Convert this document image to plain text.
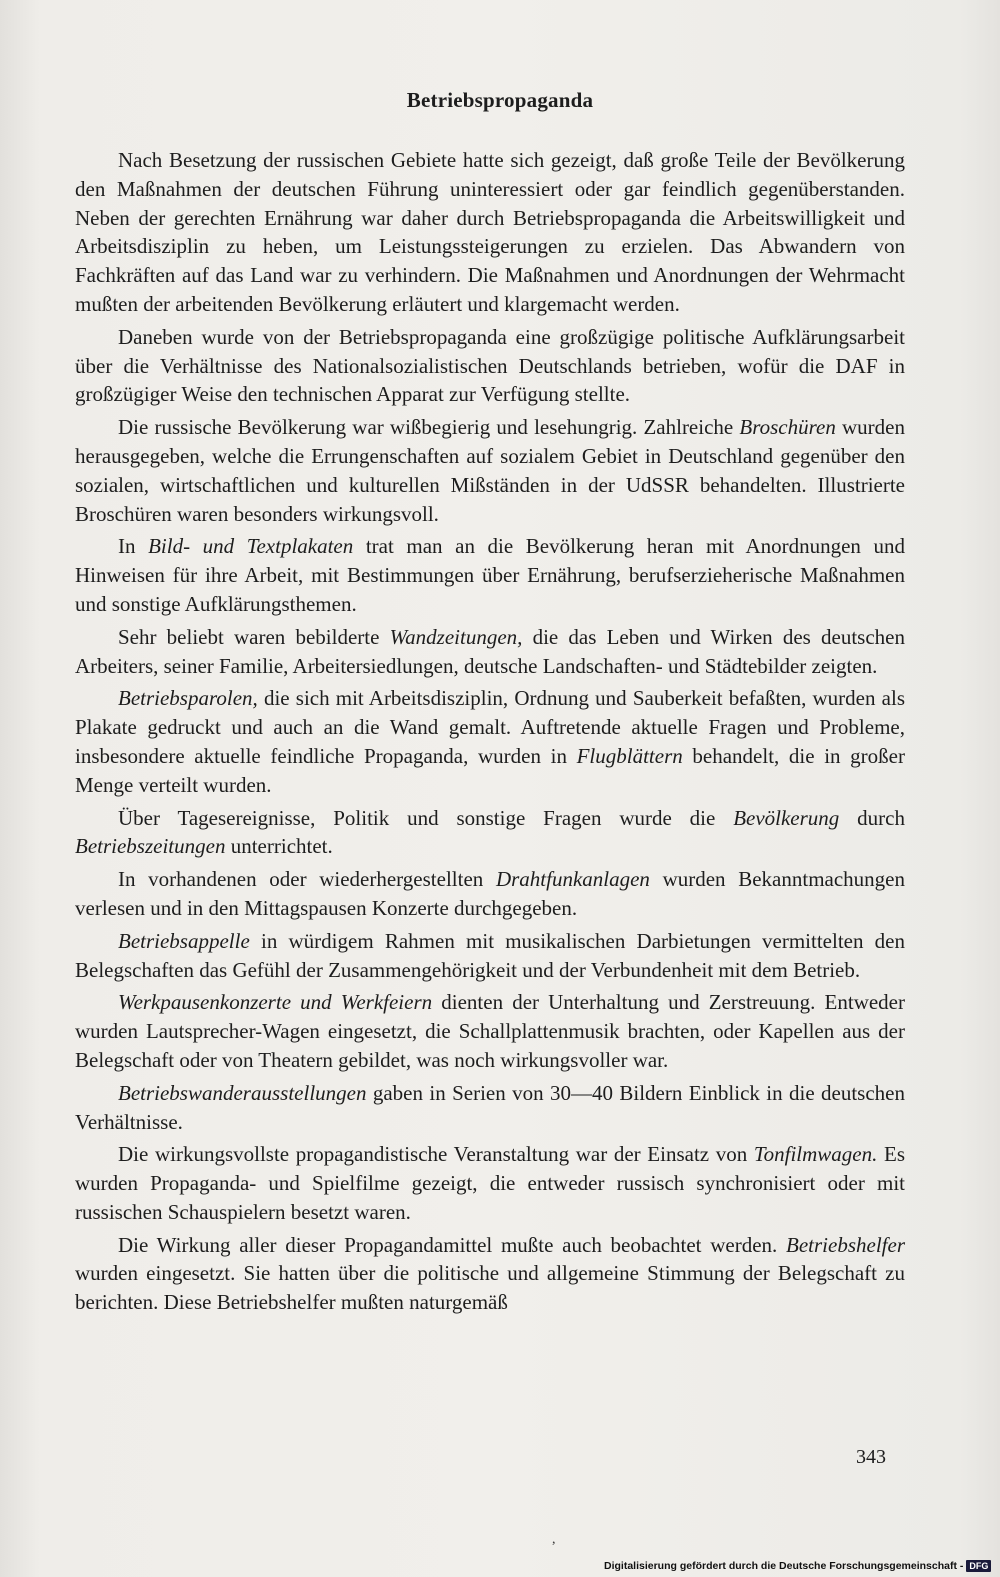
Betriebspropaganda

Nach Besetzung der russischen Gebiete hatte sich gezeigt, daß große Teile der Bevölkerung den Maßnahmen der deutschen Führung uninteressiert oder gar feindlich gegenüberstanden. Neben der gerechten Ernährung war daher durch Betriebspropaganda die Arbeitswilligkeit und Arbeitsdisziplin zu heben, um Leistungssteigerungen zu erzielen. Das Abwandern von Fachkräften auf das Land war zu verhindern. Die Maßnahmen und Anordnungen der Wehrmacht mußten der arbeitenden Bevölkerung erläutert und klargemacht werden.

Daneben wurde von der Betriebspropaganda eine großzügige politische Aufklärungsarbeit über die Verhältnisse des Nationalsozialistischen Deutschlands betrieben, wofür die DAF in großzügiger Weise den technischen Apparat zur Verfügung stellte.

Die russische Bevölkerung war wißbegierig und lesehungrig. Zahlreiche Broschüren wurden herausgegeben, welche die Errungenschaften auf sozialem Gebiet in Deutschland gegenüber den sozialen, wirtschaftlichen und kulturellen Mißständen in der UdSSR behandelten. Illustrierte Broschüren waren besonders wirkungsvoll.

In Bild- und Textplakaten trat man an die Bevölkerung heran mit Anordnungen und Hinweisen für ihre Arbeit, mit Bestimmungen über Ernährung, berufserzieherische Maßnahmen und sonstige Aufklärungsthemen.

Sehr beliebt waren bebilderte Wandzeitungen, die das Leben und Wirken des deutschen Arbeiters, seiner Familie, Arbeitersiedlungen, deutsche Landschaften- und Städtebilder zeigten.

Betriebsparolen, die sich mit Arbeitsdisziplin, Ordnung und Sauberkeit befaßten, wurden als Plakate gedruckt und auch an die Wand gemalt. Auftretende aktuelle Fragen und Probleme, insbesondere aktuelle feindliche Propaganda, wurden in Flugblättern behandelt, die in großer Menge verteilt wurden.

Über Tagesereignisse, Politik und sonstige Fragen wurde die Bevölkerung durch Betriebszeitungen unterrichtet.

In vorhandenen oder wiederhergestellten Drahtfunkanlagen wurden Bekanntmachungen verlesen und in den Mittagspausen Konzerte durchgegeben.

Betriebsappelle in würdigem Rahmen mit musikalischen Darbietungen vermittelten den Belegschaften das Gefühl der Zusammengehörigkeit und der Verbundenheit mit dem Betrieb.

Werkpausenkonzerte und Werkfeiern dienten der Unterhaltung und Zerstreuung. Entweder wurden Lautsprecher-Wagen eingesetzt, die Schallplattenmusik brachten, oder Kapellen aus der Belegschaft oder von Theatern gebildet, was noch wirkungsvoller war.

Betriebswanderausstellungen gaben in Serien von 30—40 Bildern Einblick in die deutschen Verhältnisse.

Die wirkungsvollste propagandistische Veranstaltung war der Einsatz von Tonfilmwagen. Es wurden Propaganda- und Spielfilme gezeigt, die entweder russisch synchronisiert oder mit russischen Schauspielern besetzt waren.

Die Wirkung aller dieser Propagandamittel mußte auch beobachtet werden. Betriebshelfer wurden eingesetzt. Sie hatten über die politische und allgemeine Stimmung der Belegschaft zu berichten. Diese Betriebshelfer mußten naturgemäß

343
,
Digitalisierung gefördert durch die Deutsche Forschungsgemeinschaft - DFG
